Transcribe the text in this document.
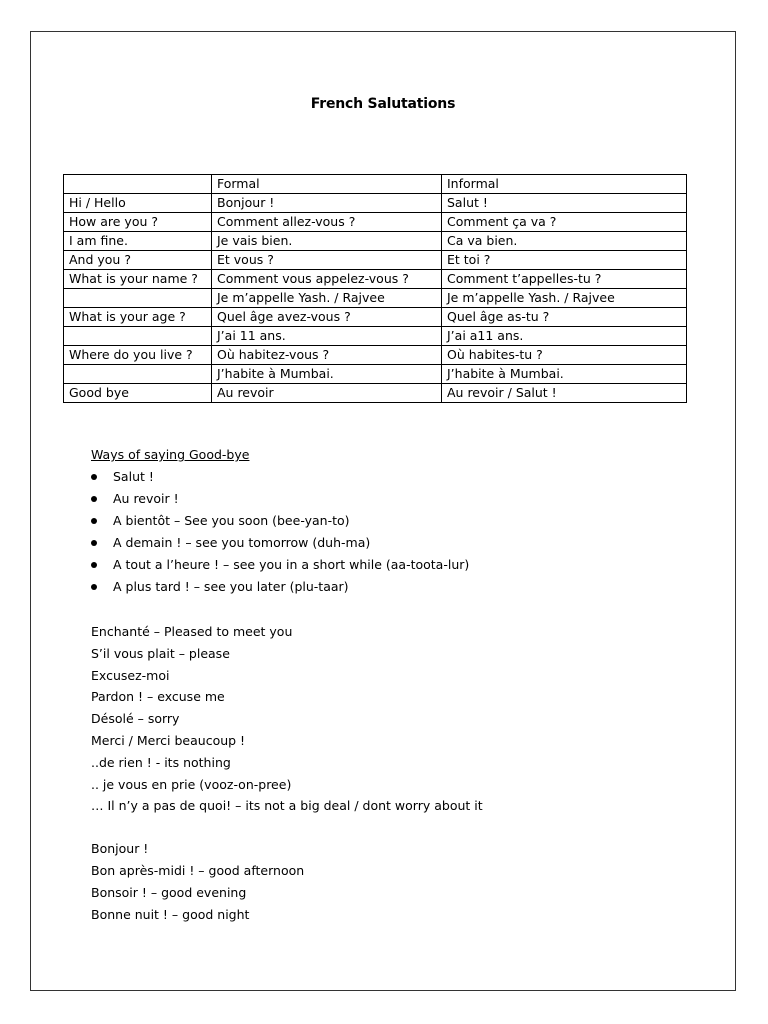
French Salutations
	Formal	Informal
Hi / Hello	Bonjour !	Salut !
How are you ?	Comment allez-vous ?	Comment ça va ?
I am fine.	Je vais bien.	Ca va bien.
And you ?	Et vous ?	Et toi ?
What is your name ?	Comment vous appelez-vous ?	Comment t’appelles-tu ?
	Je m’appelle Yash. / Rajvee	Je m’appelle Yash. / Rajvee
What is your age ?	Quel âge avez-vous ?	Quel âge as-tu ?
	J’ai 11 ans.	J’ai a11 ans.
Where do you live ?	Où habitez-vous ?	Où habites-tu ?
	J’habite à Mumbai.	J’habite à Mumbai.
Good bye	Au revoir	Au revoir / Salut !
Ways of saying Good-bye
Salut !
Au revoir !
A bientôt – See you soon (bee-yan-to)
A demain ! – see you tomorrow (duh-ma)
A tout a l’heure ! – see you in a short while (aa-toota-lur)
A plus tard ! – see you later (plu-taar)
Enchanté – Pleased to meet you
S’il vous plait – please
Excusez-moi
Pardon ! – excuse me
Désolé – sorry
Merci / Merci beaucoup !
..de rien ! - its nothing
.. je vous en prie (vooz-on-pree)
… Il n’y a pas de quoi! – its not a big deal / dont worry about it
Bonjour !
Bon après-midi ! – good afternoon
Bonsoir ! – good evening
Bonne nuit ! – good night
